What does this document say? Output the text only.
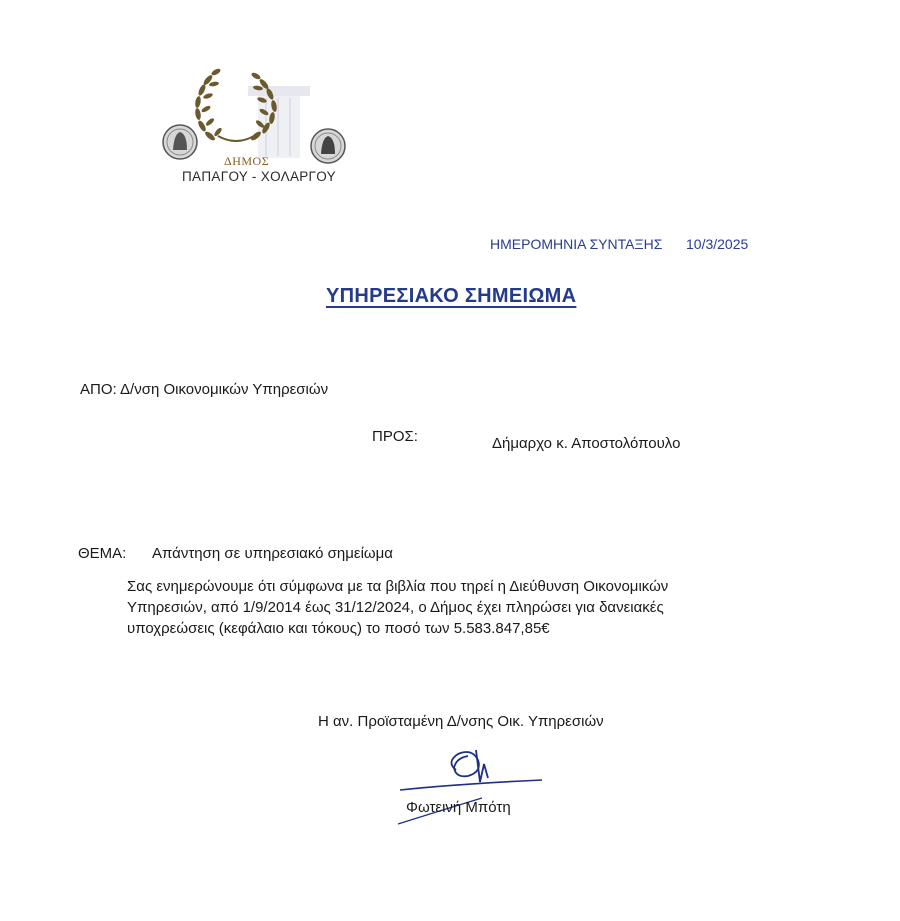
ΔΗΜΟΣ
ΠΑΠΑΓΟΥ - ΧΟΛΑΡΓΟΥ
ΗΜΕΡΟΜΗΝΙΑ ΣΥΝΤΑΞΗΣ 10/3/2025
ΥΠΗΡΕΣΙΑΚΟ ΣΗΜΕΙΩΜΑ
ΑΠΟ: Δ/νση Οικονομικών Υπηρεσιών
ΠΡΟΣ:	Δήμαρχο κ. Αποστολόπουλο
ΘΕΜΑ: Απάντηση σε υπηρεσιακό σημείωμα
Σας ενημερώνουμε ότι σύμφωνα με τα βιβλία που τηρεί η Διεύθυνση Οικονομικών
Υπηρεσιών, από 1/9/2014 έως 31/12/2024, ο Δήμος έχει πληρώσει για δανειακές
υποχρεώσεις (κεφάλαιο και τόκους) το ποσό των 5.583.847,85€
Η αν. Προϊσταμένη Δ/νσης Οικ. Υπηρεσιών
Φωτεινή Μπότη
